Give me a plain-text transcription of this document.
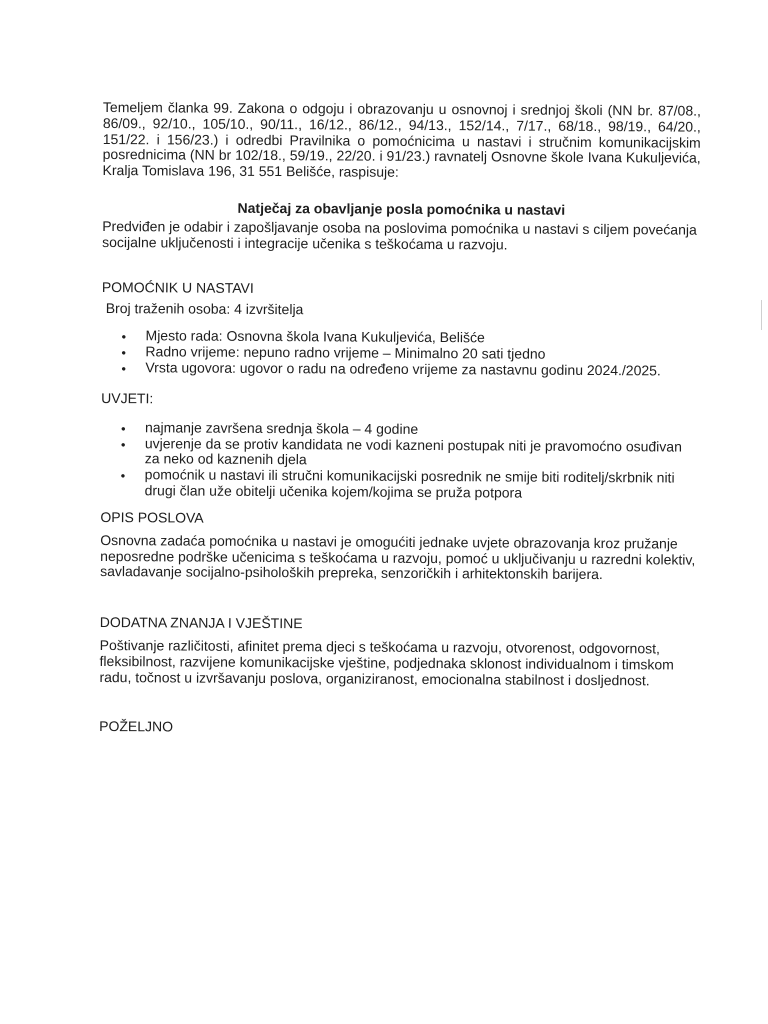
Temeljem članka 99. Zakona o odgoju i obrazovanju u osnovnoj i srednjoj školi (NN br. 87/08., 86/09., 92/10., 105/10., 90/11., 16/12., 86/12., 94/13., 152/14., 7/17., 68/18., 98/19., 64/20., 151/22. i 156/23.) i odredbi Pravilnika o pomoćnicima u nastavi i stručnim komunikacijskim posrednicima (NN br 102/18., 59/19., 22/20. i 91/23.) ravnatelj Osnovne škole Ivana Kukuljevića, Kralja Tomislava 196, 31 551 Belišće, raspisuje:

Natječaj za obavljanje posla pomoćnika u nastavi

Predviđen je odabir i zapošljavanje osoba na poslovima pomoćnika u nastavi s ciljem povećanja socijalne uključenosti i integracije učenika s teškoćama u razvoju.

POMOĆNIK U NASTAVI

Broj traženih osoba: 4 izvršitelja

• Mjesto rada: Osnovna škola Ivana Kukuljevića, Belišće
• Radno vrijeme: nepuno radno vrijeme – Minimalno 20 sati tjedno
• Vrsta ugovora: ugovor o radu na određeno vrijeme za nastavnu godinu 2024./2025.
UVJETI:
• najmanje završena srednja škola – 4 godine
• uvjerenje da se protiv kandidata ne vodi kazneni postupak niti je pravomoćno osuđivan za neko od kaznenih djela
• pomoćnik u nastavi ili stručni komunikacijski posrednik ne smije biti roditelj/skrbnik niti drugi član uže obitelji učenika kojem/kojima se pruža potpora
OPIS POSLOVA

Osnovna zadaća pomoćnika u nastavi je omogućiti jednake uvjete obrazovanja kroz pružanje neposredne podrške učenicima s teškoćama u razvoju, pomoć u uključivanju u razredni kolektiv, savladavanje socijalno-psiholoških prepreka, senzoričkih i arhitektonskih barijera.

DODATNA ZNANJA I VJEŠTINE

Poštivanje različitosti, afinitet prema djeci s teškoćama u razvoju, otvorenost, odgovornost, fleksibilnost, razvijene komunikacijske vještine, podjednaka sklonost individualnom i timskom radu, točnost u izvršavanju poslova, organiziranost, emocionalna stabilnost i dosljednost.

POŽELJNO
